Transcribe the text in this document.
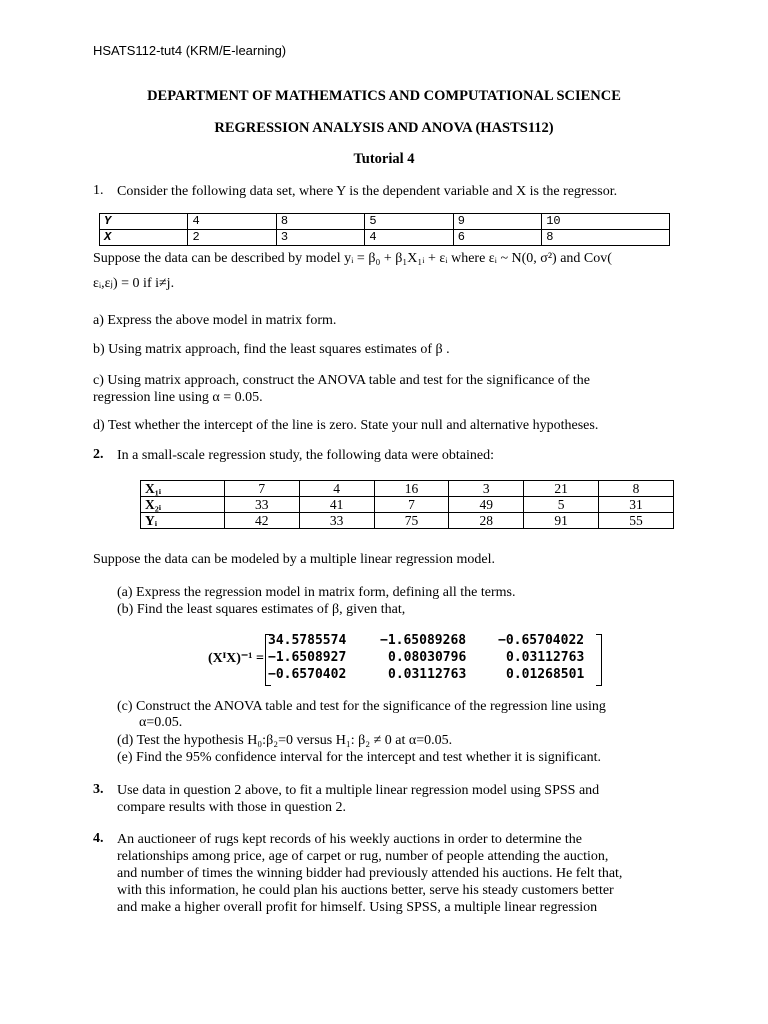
HSATS112-tut4 (KRM/E-learning)
DEPARTMENT OF MATHEMATICS AND COMPUTATIONAL SCIENCE
REGRESSION ANALYSIS AND ANOVA (HASTS112)
Tutorial 4
1. Consider the following data set, where Y is the dependent variable and X is the regressor.
Y	4	8	5	9	10
X	2	3	4	6	8
Suppose the data can be described by model yᵢ = β₀ + β₁X₁ᵢ + εᵢ where εᵢ ~ N(0, σ²) and Cov(
εᵢ,εⱼ) = 0 if i≠j.
a) Express the above model in matrix form.
b) Using matrix approach, find the least squares estimates of β .
c) Using matrix approach, construct the ANOVA table and test for the significance of the
regression line using α = 0.05.
d) Test whether the intercept of the line is zero. State your null and alternative hypotheses.
2. In a small-scale regression study, the following data were obtained:
X₁ᵢ	7	4	16	3	21	8
X₂ᵢ	33	41	7	49	5	31
Yᵢ	42	33	75	28	91	55
Suppose the data can be modeled by a multiple linear regression model.
(a) Express the regression model in matrix form, defining all the terms.
(b) Find the least squares estimates of β, given that,
(XᴵX)⁻¹ =
34.5785574	−1.65089268	−0.65704022
−1.6508927	0.08030796	0.03112763
−0.6570402	0.03112763	0.01268501
(c) Construct the ANOVA table and test for the significance of the regression line using
α=0.05.
(d) Test the hypothesis H₀:β₂=0 versus H₁: β₂ ≠ 0 at α=0.05.
(e) Find the 95% confidence interval for the intercept and test whether it is significant.
3. Use data in question 2 above, to fit a multiple linear regression model using SPSS and
compare results with those in question 2.
4. An auctioneer of rugs kept records of his weekly auctions in order to determine the
relationships among price, age of carpet or rug, number of people attending the auction,
and number of times the winning bidder had previously attended his auctions. He felt that,
with this information, he could plan his auctions better, serve his steady customers better
and make a higher overall profit for himself. Using SPSS, a multiple linear regression
